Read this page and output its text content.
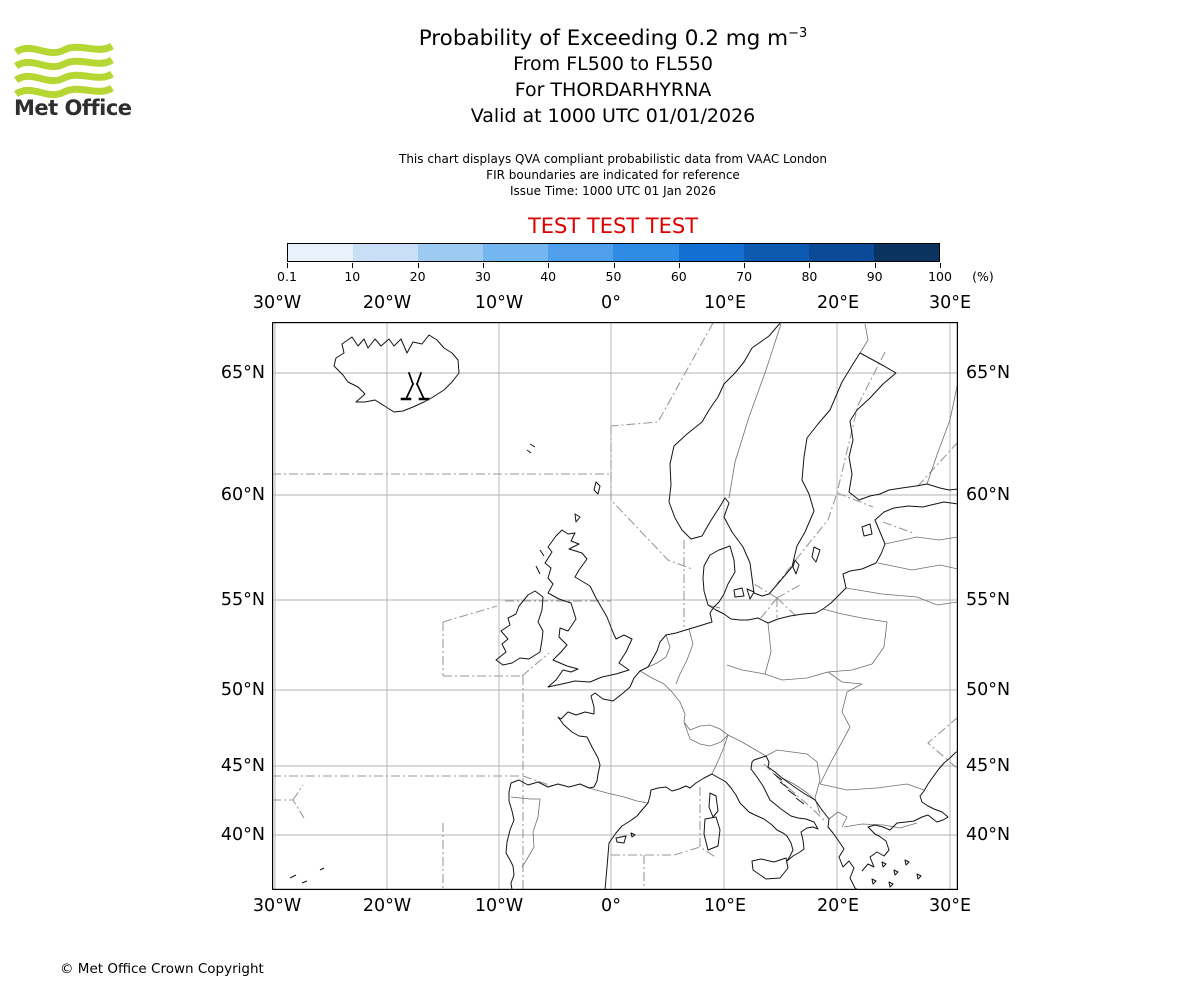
Met Office
Probability of Exceeding 0.2 mg $m^{-3}$
From FL500 to FL550
For THORDARHYRNA
Valid at 1000 UTC 01/01/2026
This chart displays QVA compliant probabilistic data from VAAC London
FIR boundaries are indicated for reference
Issue Time: 1000 UTC 01 Jan 2026
TEST TEST TEST
(%)
© Met Office Crown Copyright
0.1	10	20	30	40	50	60	70	80	90	100
30°W	20°W	10°W	0°	10°E	20°E	30°E
30°W	20°W	10°W	0°	10°E	20°E	30°E
65°N
60°N
55°N
50°N
45°N
40°N
65°N
60°N
55°N
50°N
45°N
40°N
